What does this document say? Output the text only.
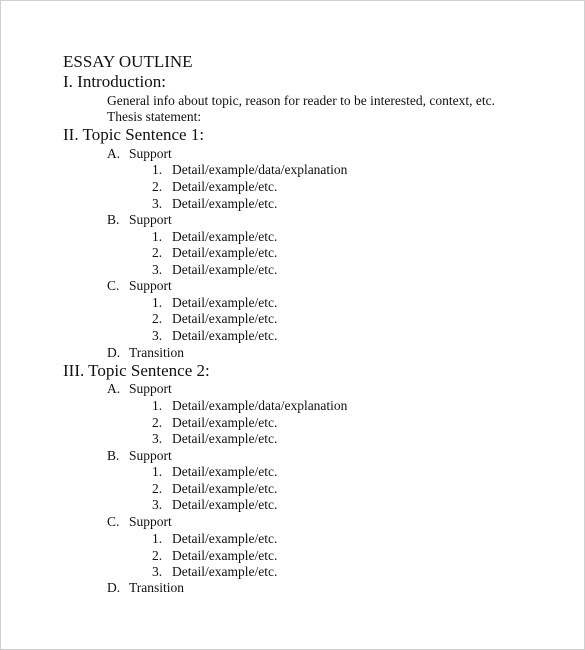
ESSAY OUTLINE
I. Introduction:
General info about topic, reason for reader to be interested, context, etc.
Thesis statement:
II. Topic Sentence 1:
A. Support
1. Detail/example/data/explanation
2. Detail/example/etc.
3. Detail/example/etc.
B. Support
1. Detail/example/etc.
2. Detail/example/etc.
3. Detail/example/etc.
C. Support
1. Detail/example/etc.
2. Detail/example/etc.
3. Detail/example/etc.
D. Transition
III. Topic Sentence 2:
A. Support
1. Detail/example/data/explanation
2. Detail/example/etc.
3. Detail/example/etc.
B. Support
1. Detail/example/etc.
2. Detail/example/etc.
3. Detail/example/etc.
C. Support
1. Detail/example/etc.
2. Detail/example/etc.
3. Detail/example/etc.
D. Transition
